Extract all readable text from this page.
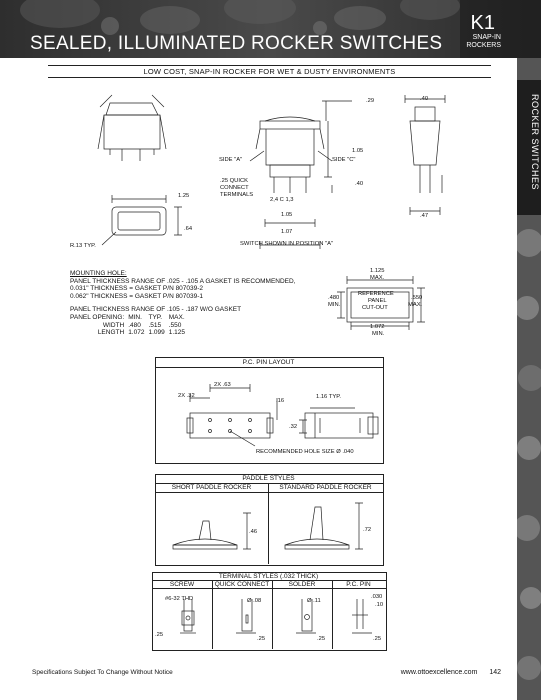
SEALED, ILLUMINATED ROCKER SWITCHES
K1
SNAP-IN
ROCKERS
ROCKER SWITCHES
LOW COST, SNAP-IN ROCKER FOR WET & DUSTY ENVIRONMENTS
1.25
.64
R.13 TYP.
SIDE "A"	SIDE "C"
.25 QUICK
CONNECT
TERMINALS
2,4 C 1,3
.29
1.05
.40
1.05
1.07
.40
.47
SWITCH SHOWN IN POSITION "A"
MOUNTING HOLE:
PANEL THICKNESS RANGE OF .025 - .105 A GASKET IS RECOMMENDED,
0.031" THICKNESS = GASKET P/N 807039-2
0.062" THICKNESS = GASKET P/N 807039-1
PANEL THICKNESS RANGE OF .105 - .187 W/O GASKET
PANEL OPENING:	MIN.	TYP.	MAX.
WIDTH	.480	.515	.550
LENGTH	1.072	1.099	1.125
1.125
MAX.
.480
MIN.
.550
MAX.
REFERENCE
PANEL
CUT-OUT
1.072
MIN.
P.C. PIN LAYOUT
2X .32
2X .63
.16
1.16 TYP.
.32
RECOMMENDED HOLE SIZE Ø .040
PADDLE STYLES
SHORT PADDLE ROCKER	STANDARD PADDLE ROCKER
.46	.72
TERMINAL STYLES (.032 THICK)
SCREW	QUICK CONNECT	SOLDER	P.C. PIN
#6-32 THD
.25
Ø .08
.25
Ø .11
.25
.030
.10
.25
Specifications Subject To Change Without Notice	www.ottoexcellence.com 142
